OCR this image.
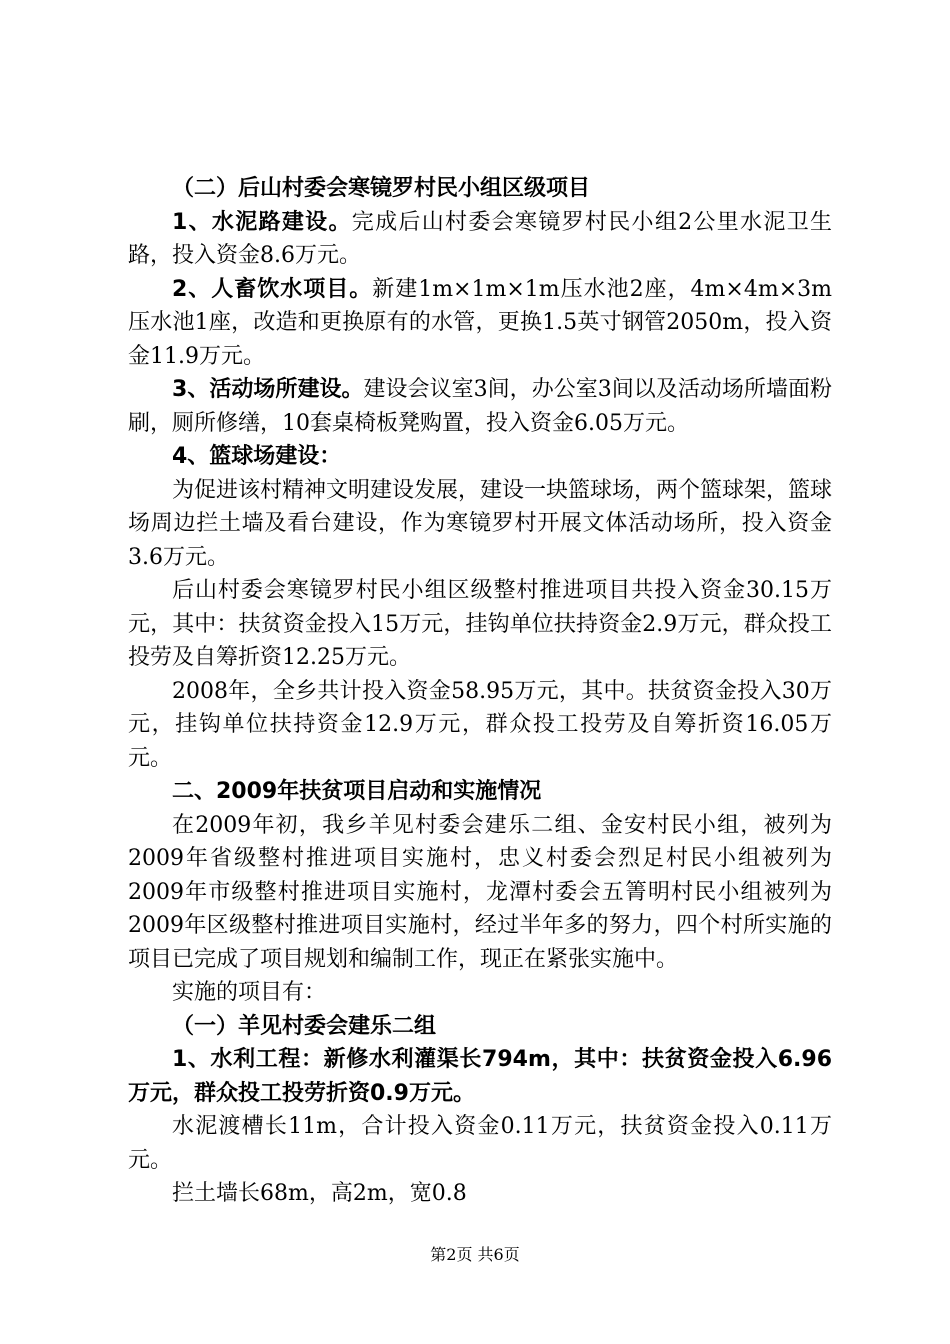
（二）后山村委会寒镜罗村民小组区级项目

1、水泥路建设。完成后山村委会寒镜罗村民小组2公里水泥卫生路，投入资金8.6万元。

2、人畜饮水项目。新建1m×1m×1m压水池2座，4m×4m×3m压水池1座，改造和更换原有的水管，更换1.5英寸钢管2050m，投入资金11.9万元。

3、活动场所建设。建设会议室3间，办公室3间以及活动场所墙面粉刷，厕所修缮，10套桌椅板凳购置，投入资金6.05万元。

4、篮球场建设：

为促进该村精神文明建设发展，建设一块篮球场，两个篮球架，篮球场周边拦土墙及看台建设，作为寒镜罗村开展文体活动场所，投入资金3.6万元。

后山村委会寒镜罗村民小组区级整村推进项目共投入资金30.15万元，其中：扶贫资金投入15万元，挂钩单位扶持资金2.9万元，群众投工投劳及自筹折资12.25万元。

2008年，全乡共计投入资金58.95万元，其中。扶贫资金投入30万元，挂钩单位扶持资金12.9万元，群众投工投劳及自筹折资16.05万元。

二、2009年扶贫项目启动和实施情况

在2009年初，我乡羊见村委会建乐二组、金安村民小组，被列为2009年省级整村推进项目实施村，忠义村委会烈足村民小组被列为2009年市级整村推进项目实施村，龙潭村委会五箐明村民小组被列为2009年区级整村推进项目实施村，经过半年多的努力，四个村所实施的项目已完成了项目规划和编制工作，现正在紧张实施中。

实施的项目有：

（一）羊见村委会建乐二组

1、水利工程：新修水利灌渠长794m，其中：扶贫资金投入6.96万元，群众投工投劳折资0.9万元。

水泥渡槽长11m，合计投入资金0.11万元，扶贫资金投入0.11万元。

拦土墙长68m，高2m，宽0.8

第2页 共6页
